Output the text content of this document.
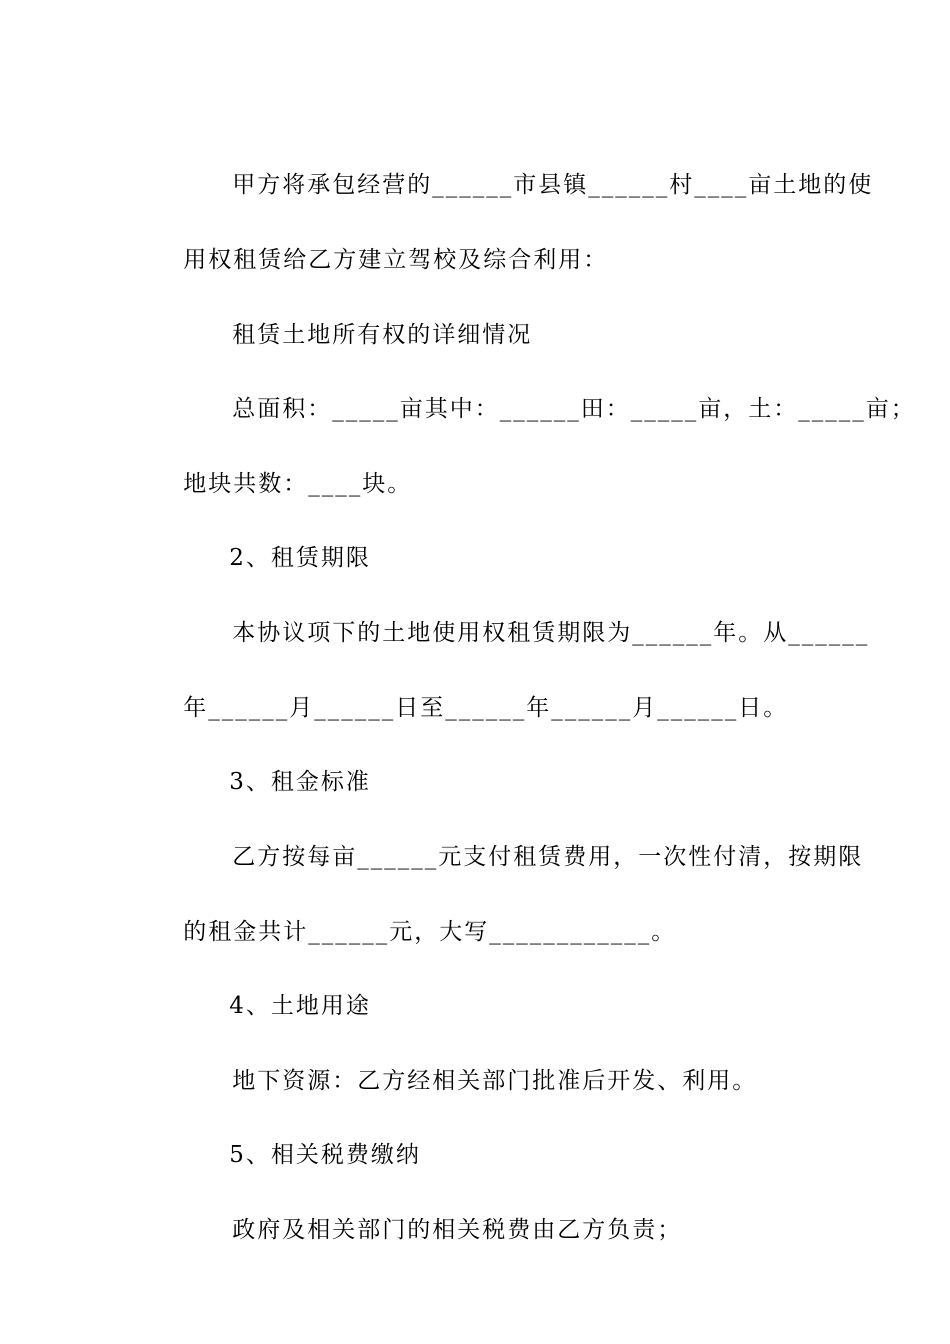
甲方将承包经营的______市县镇______村____亩土地的使

用权租赁给乙方建立驾校及综合利用：

租赁土地所有权的详细情况

总面积：_____亩其中：______田：_____亩，土：_____亩；

地块共数：____块。

2、租赁期限

本协议项下的土地使用权租赁期限为______年。从______

年______月______日至______年______月______日。

3、租金标准

乙方按每亩______元支付租赁费用，一次性付清，按期限

的租金共计______元，大写____________。

4、土地用途

地下资源：乙方经相关部门批准后开发、利用。

5、相关税费缴纳

政府及相关部门的相关税费由乙方负责；
